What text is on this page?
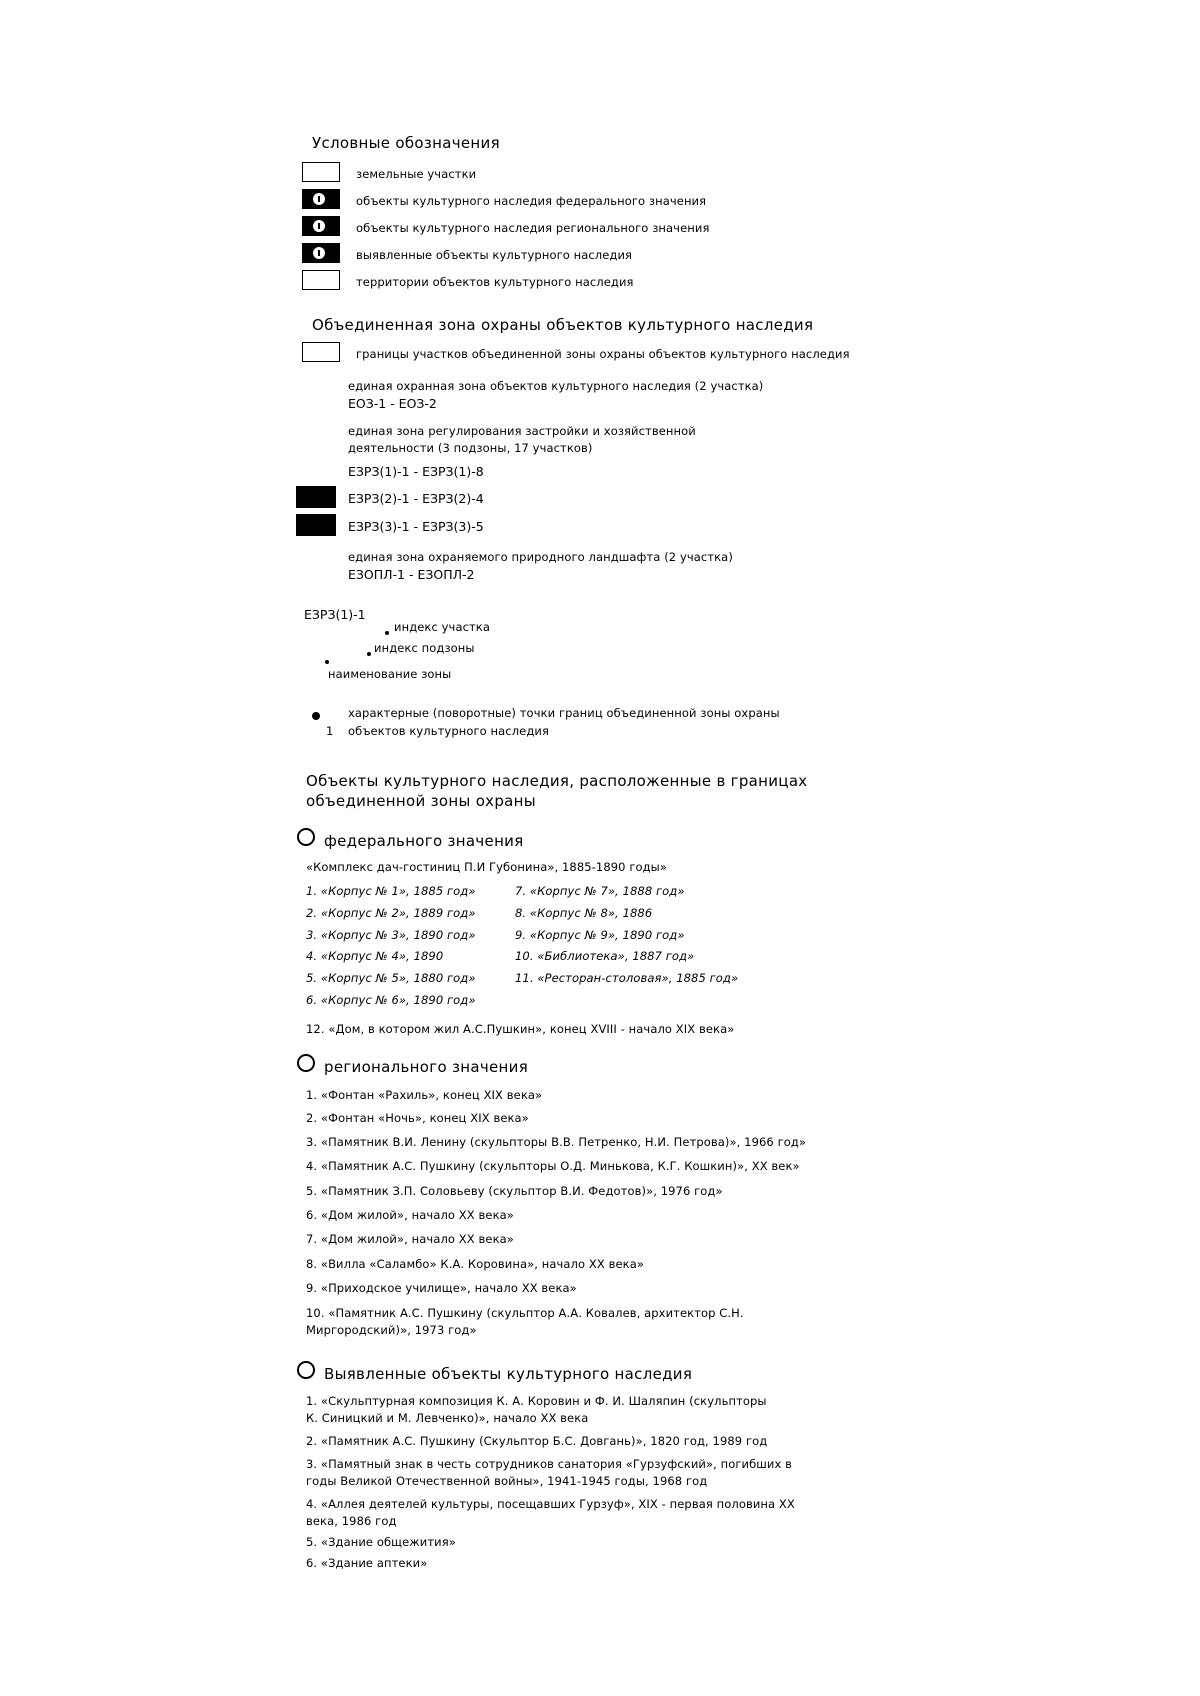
Условные обозначения
земельные участки
объекты культурного наследия федерального значения
объекты культурного наследия регионального значения
выявленные объекты культурного наследия
территории объектов культурного наследия
Объединенная зона охраны объектов культурного наследия
границы участков объединенной зоны охраны объектов культурного наследия
единая охранная зона объектов культурного наследия (2 участка)
ЕОЗ-1 - ЕОЗ-2
единая зона регулирования застройки и хозяйственной
деятельности (3 подзоны, 17 участков)
ЕЗРЗ(1)-1 - ЕЗРЗ(1)-8
ЕЗРЗ(2)-1 - ЕЗРЗ(2)-4
ЕЗРЗ(3)-1 - ЕЗРЗ(3)-5
единая зона охраняемого природного ландшафта (2 участка)
ЕЗОПЛ-1 - ЕЗОПЛ-2
ЕЗРЗ(1)-1
индекс участка
индекс подзоны
наименование зоны
характерные (поворотные) точки границ объединенной зоны охраны
1 объектов культурного наследия
Объекты культурного наследия, расположенные в границах
объединенной зоны охраны
федерального значения
«Комплекс дач-гостиниц П.И Губонина», 1885-1890 годы»
1. «Корпус № 1», 1885 год»
2. «Корпус № 2», 1889 год»
3. «Корпус № 3», 1890 год»
4. «Корпус № 4», 1890
5. «Корпус № 5», 1880 год»
6. «Корпус № 6», 1890 год»
7. «Корпус № 7», 1888 год»
8. «Корпус № 8», 1886
9. «Корпус № 9», 1890 год»
10. «Библиотека», 1887 год»
11. «Ресторан-столовая», 1885 год»
12. «Дом, в котором жил А.С.Пушкин», конец XVIII - начало XIX века»
регионального значения
1. «Фонтан «Рахиль», конец XIX века»
2. «Фонтан «Ночь», конец XIX века»
3. «Памятник В.И. Ленину (скульпторы В.В. Петренко, Н.И. Петрова)», 1966 год»
4. «Памятник А.С. Пушкину (скульпторы О.Д. Минькова, К.Г. Кошкин)», XX век»
5. «Памятник З.П. Соловьеву (скульптор В.И. Федотов)», 1976 год»
6. «Дом жилой», начало XX века»
7. «Дом жилой», начало XX века»
8. «Вилла «Саламбо» К.А. Коровина», начало XX века»
9. «Приходское училище», начало XX века»
10. «Памятник А.С. Пушкину (скульптор А.А. Ковалев, архитектор С.Н.
Миргородский)», 1973 год»
Выявленные объекты культурного наследия
1. «Скульптурная композиция К. А. Коровин и Ф. И. Шаляпин (скульпторы
К. Синицкий и М. Левченко)», начало XX века
2. «Памятник А.С. Пушкину (Скульптор Б.С. Довгань)», 1820 год, 1989 год
3. «Памятный знак в честь сотрудников санатория «Гурзуфский», погибших в
годы Великой Отечественной войны», 1941-1945 годы, 1968 год
4. «Аллея деятелей культуры, посещавших Гурзуф», XIX - первая половина XX
века, 1986 год
5. «Здание общежития»
6. «Здание аптеки»
